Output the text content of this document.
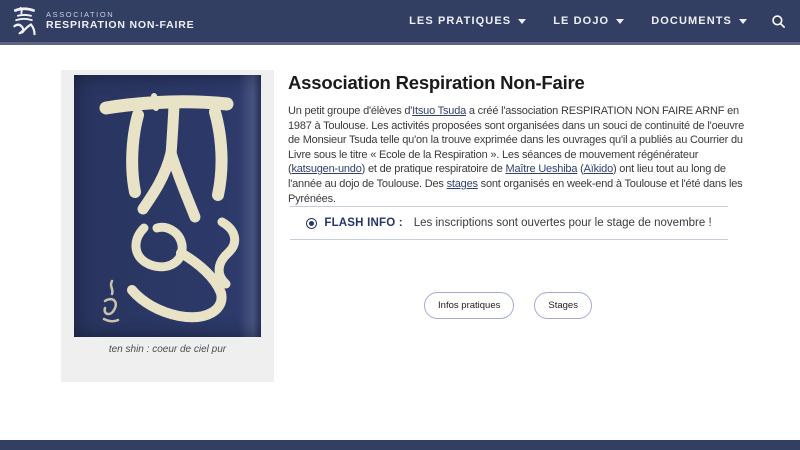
ASSOCIATION
RESPIRATION NON-FAIRE	LES PRATIQUES	LE DOJO	DOCUMENTS
ten shin : coeur de ciel pur
Association Respiration Non-Faire

Un petit groupe d'élèves d'Itsuo Tsuda a créé l'association RESPIRATION NON FAIRE ARNF en 1987 à Toulouse. Les activités proposées sont organisées dans un souci de continuité de l'oeuvre de Monsieur Tsuda telle qu'on la trouve exprimée dans les ouvrages qu'il a publiés au Courrier du Livre sous le titre « Ecole de la Respiration ». Les séances de mouvement régénérateur (katsugen-undo) et de pratique respiratoire de Maître Ueshiba (Aïkido) ont lieu tout au long de l'année au dojo de Toulouse. Des stages sont organisés en week-end à Toulouse et l'été dans les Pyrénées.

FLASH INFO : Les inscriptions sont ouvertes pour le stage de novembre !
Infos pratiques	Stages
